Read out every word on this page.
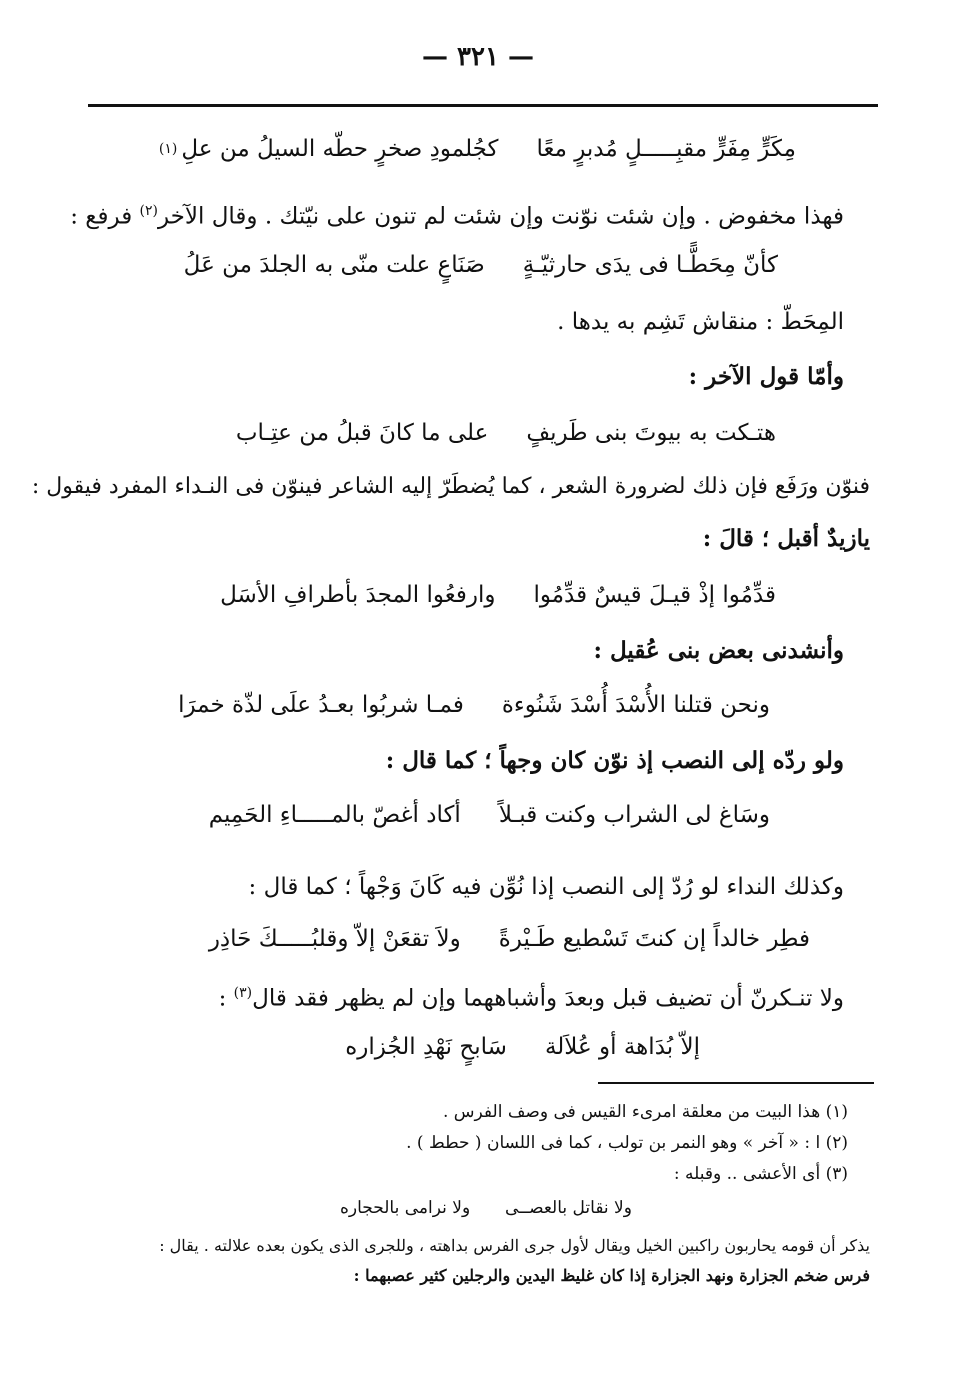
— ٣٢١ —
مِكَرٍّ مِفَرٍّ مقبِـــــلٍ مُدبرٍ معًا
كجُلمودِ صخرٍ حطّه السيلُ من علِ
(١)
فهذا مخفوض . وإن شئت نوّنت وإن شئت لم تنون على نيّتك . وقال الآخر$^{(٢)}$ فرفع :
كأنّ مِحَطًّـا فى يدَى حارثيّـةٍ
صَنَاعٍ علت منّى به الجلدَ من عَلُ
المِحَطّ : منقاش تَشِم به يدها .
وأمّا قول الآخر :
هتـكت به بيوتَ بنى طَريفٍ
على ما كانَ قبلُ من عتِـاب
فنوّن ورَفَع فإن ذلك لضرورة الشعر ، كما يُضطَرّ إليه الشاعر فينوّن فى النـداء المفرد فيقول :
يازيدٌ أقبل ؛ قالَ :
قدِّمُوا إذْ قيـلَ قيسٌ قدِّمُوا
وارفعُوا المجدَ بأطرافِ الأسَل
وأنشدنى بعض بنى عُقيل :
ونحن قتلنا الأُسْدَ أُسْدَ شَنُوءة
فمـا شربُوا بعـدُ علَى لذّة خمرَا
ولو ردّه إلى النصب إذ نوّن كان وجهاً ؛ كما قال :
وسَاغ لى الشراب وكنت قبـلاً
أكاد أغصّ بالمـــــاءِ الحَمِيم
وكذلك النداء لو رُدّ إلى النصب إذا نُوِّن فيه كَانَ وَجْهاً ؛ كما قال :
فطِر خالداً إن كنتَ تَسْطيع طَـيْرةً
ولاَ تقعَنْ إلاّ وقلبُـــــكَ حَاذِر
ولا تنـكرنّ أن تضيف قبل وبعدَ وأشباههما وإن لم يظهر فقد قال$^{(٣)}$ :
إلاّ بُدَاهة أو عُلاَلة
سَابحٍ نَهْدِ الجُزاره
(١) هذا البيت من معلقة امرىء القيس فى وصف الفرس .
(٢) ا : « آخر » وهو النمر بن تولب ، كما فى اللسان ( حطط ) .
(٣) أى الأعشى .. وقبله :
ولا نقاتل بالعصــى  ولا نرامى بالحجاره
يذكر أن قومه يحاربون راكبين الخيل ويقال لأول جرى الفرس بداهته ، وللجرى الذى يكون بعده علالته . يقال :
فرس ضخم الجزارة ونهد الجزارة إذا كان غليظ اليدين والرجلين كثير عصبهما :
